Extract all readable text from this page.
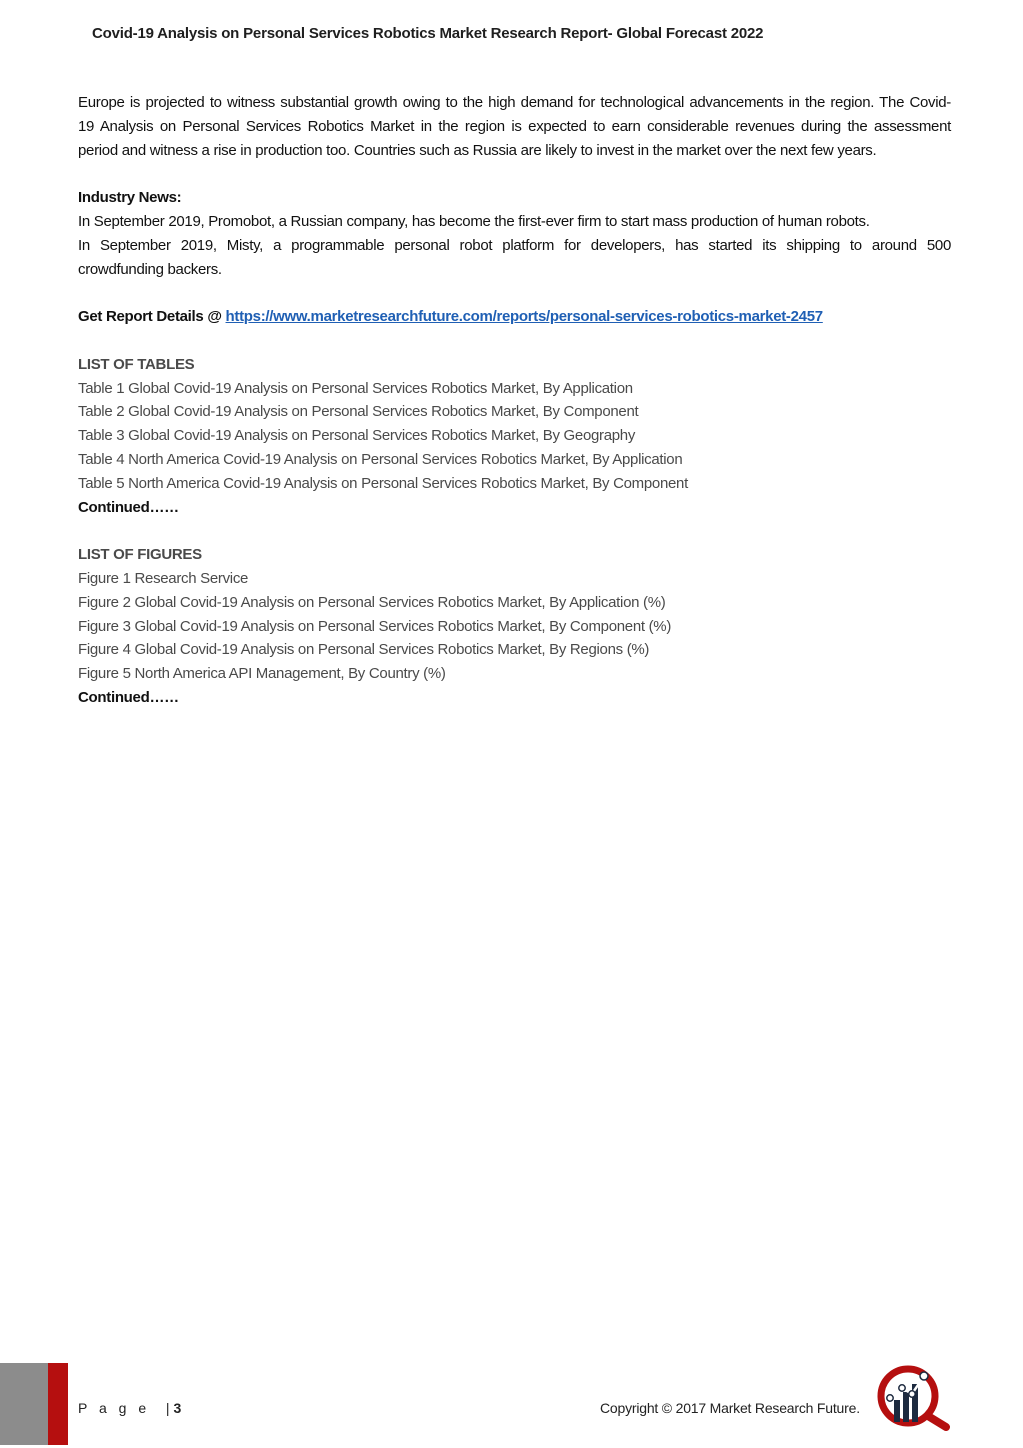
Covid-19 Analysis on Personal Services Robotics Market Research Report- Global Forecast 2022
Europe is projected to witness substantial growth owing to the high demand for technological advancements in the region. The Covid-
19 Analysis on Personal Services Robotics Market in the region is expected to earn considerable revenues during the assessment
period and witness a rise in production too. Countries such as Russia are likely to invest in the market over the next few years.
Industry News:
In September 2019, Promobot, a Russian company, has become the first-ever firm to start mass production of human robots.
In September 2019, Misty, a programmable personal robot platform for developers, has started its shipping to around 500
crowdfunding backers.
Get Report Details @ https://www.marketresearchfuture.com/reports/personal-services-robotics-market-2457
LIST OF TABLES
Table 1 Global Covid-19 Analysis on Personal Services Robotics Market, By Application
Table 2 Global Covid-19 Analysis on Personal Services Robotics Market, By Component
Table 3 Global Covid-19 Analysis on Personal Services Robotics Market, By Geography
Table 4 North America Covid-19 Analysis on Personal Services Robotics Market, By Application
Table 5 North America Covid-19 Analysis on Personal Services Robotics Market, By Component
Continued……
LIST OF FIGURES
Figure 1 Research Service
Figure 2 Global Covid-19 Analysis on Personal Services Robotics Market, By Application (%)
Figure 3 Global Covid-19 Analysis on Personal Services Robotics Market, By Component (%)
Figure 4 Global Covid-19 Analysis on Personal Services Robotics Market, By Regions (%)
Figure 5 North America API Management, By Country (%)
Continued……
P a g e  |3	Copyright © 2017 Market Research Future.
